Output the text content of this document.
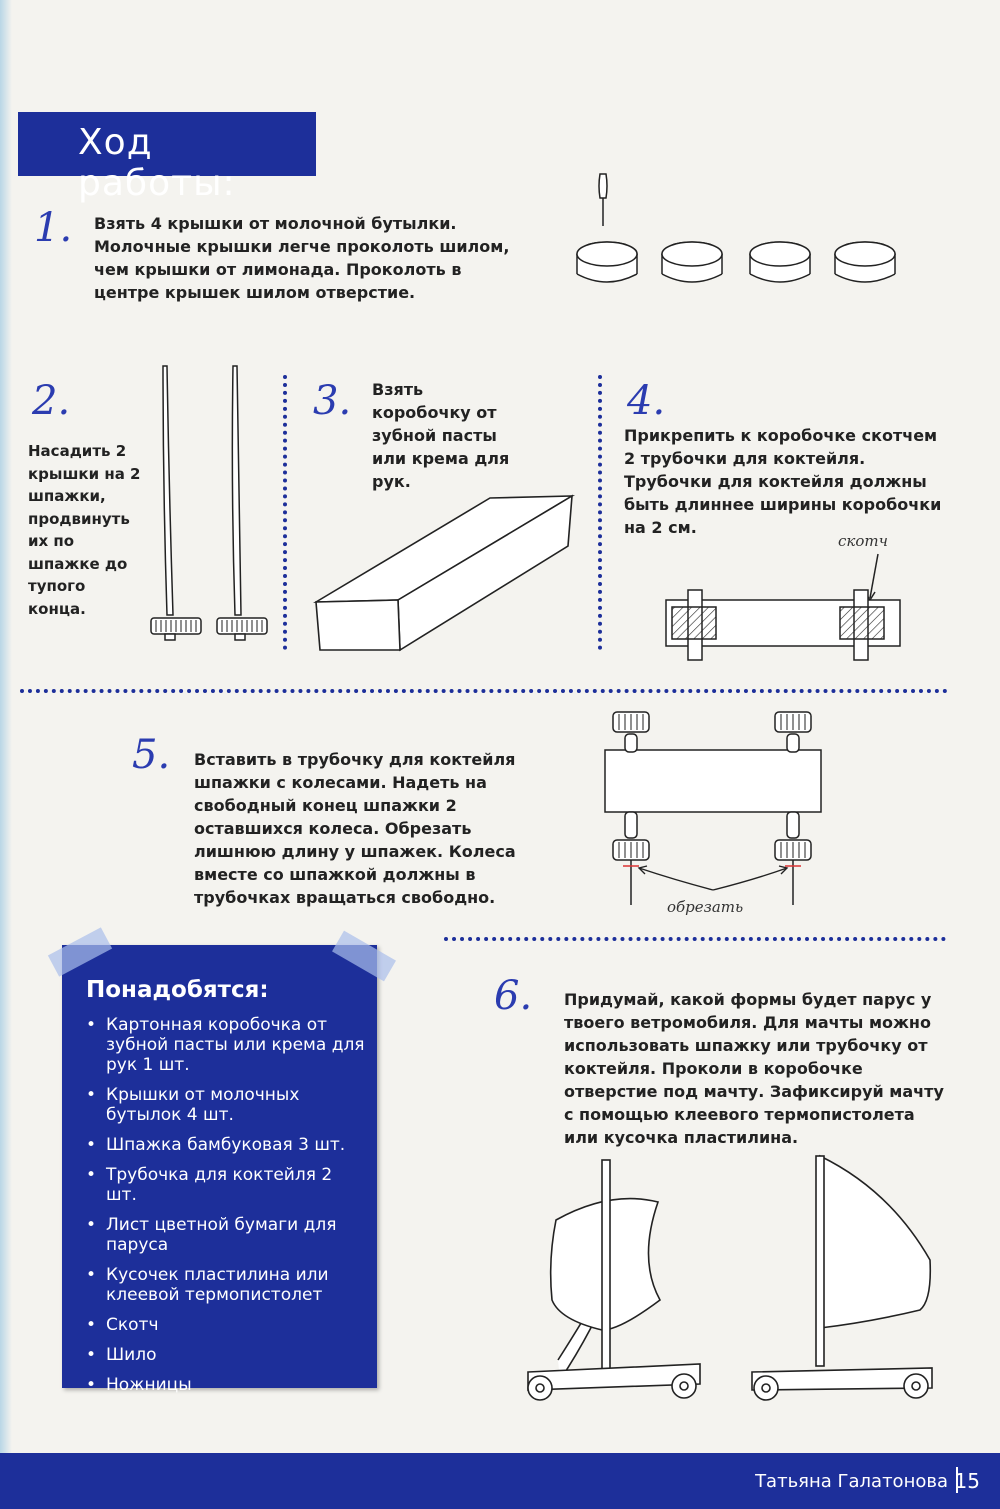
Ход работы:
1. Взять 4 крышки от молочной бутылки. Молочные крышки легче проколоть шилом, чем крышки от лимонада. Проколоть в центре крышек шилом отверстие.
2.
Насадить 2 крышки на 2 шпажки, продвинуть их по шпажке до тупого конца.
3. Взять коробочку от зубной пасты или крема для рук.
4.
Прикрепить к коробочке скотчем 2 трубочки для коктейля. Трубочки для коктейля должны быть длиннее ширины коробочки на 2 см.
скотч
5. Вставить в трубочку для коктейля шпажки с колесами. Надеть на свободный конец шпажки 2 оставшихся колеса. Обрезать лишнюю длину у шпажек. Колеса вместе со шпажкой должны в трубочках вращаться свободно.	обрезать
Понадобятся:
• Картонная коробочка от зубной пасты или крема для рук 1 шт.
• Крышки от молочных бутылок 4 шт.
• Шпажка бамбуковая 3 шт.
• Трубочка для коктейля 2 шт.
• Лист цветной бумаги для паруса
• Кусочек пластилина или клеевой термопистолет
• Скотч
• Шило
• Ножницы
6. Придумай, какой формы будет парус у твоего ветромобиля. Для мачты можно использовать шпажку или трубочку от коктейля. Проколи в коробочке отверстие под мачту. Зафиксируй мачту с помощью клеевого термопистолета или кусочка пластилина.
Татьяна Галатонова 15
